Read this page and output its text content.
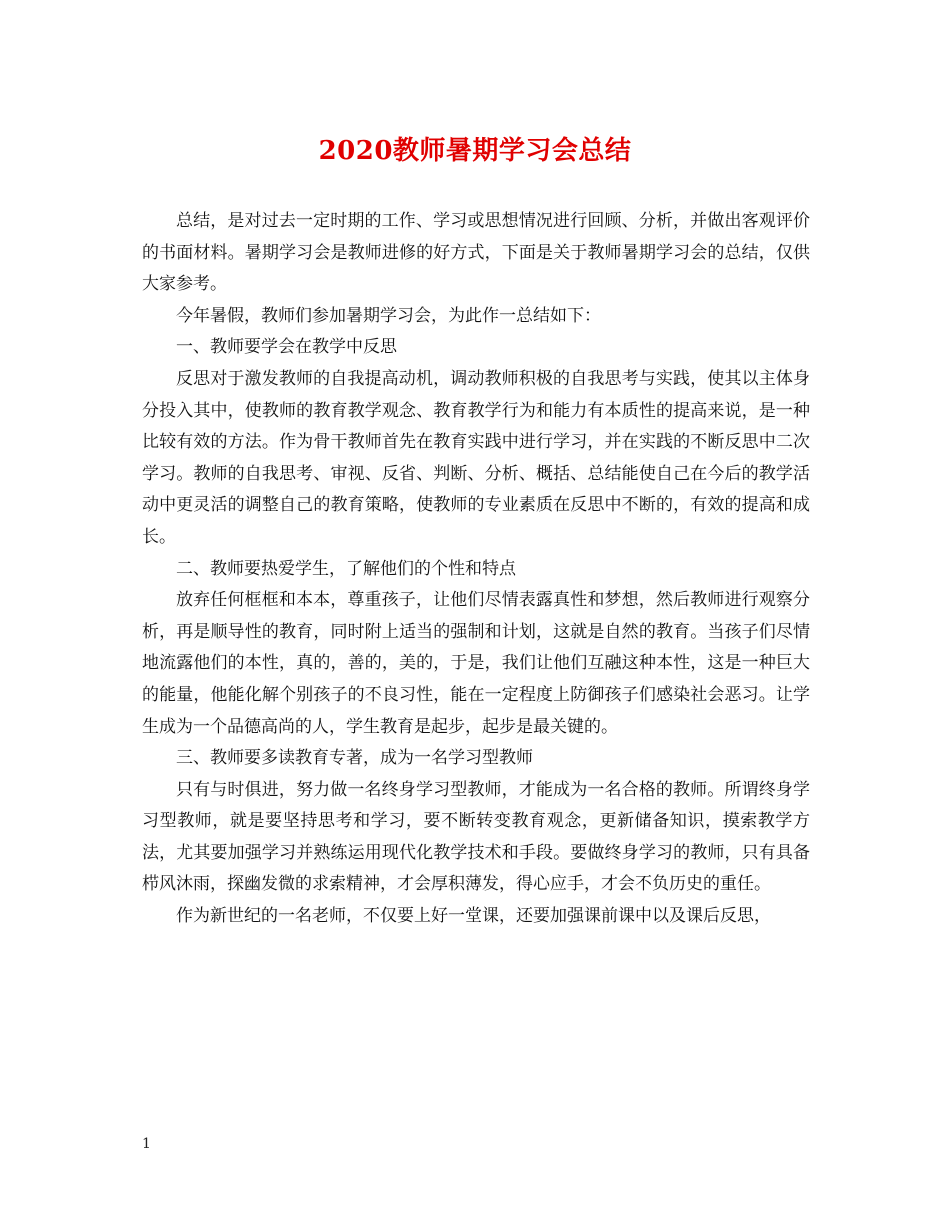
2020教师暑期学习会总结

总结，是对过去一定时期的工作、学习或思想情况进行回顾、分析，并做出客观评价的书面材料。暑期学习会是教师进修的好方式，下面是关于教师暑期学习会的总结，仅供大家参考。

今年暑假，教师们参加暑期学习会，为此作一总结如下：

一、教师要学会在教学中反思

反思对于激发教师的自我提高动机，调动教师积极的自我思考与实践，使其以主体身分投入其中，使教师的教育教学观念、教育教学行为和能力有本质性的提高来说，是一种比较有效的方法。作为骨干教师首先在教育实践中进行学习，并在实践的不断反思中二次学习。教师的自我思考、审视、反省、判断、分析、概括、总结能使自己在今后的教学活动中更灵活的调整自己的教育策略，使教师的专业素质在反思中不断的，有效的提高和成长。

二、教师要热爱学生，了解他们的个性和特点

放弃任何框框和本本，尊重孩子，让他们尽情表露真性和梦想，然后教师进行观察分析，再是顺导性的教育，同时附上适当的强制和计划，这就是自然的教育。当孩子们尽情地流露他们的本性，真的，善的，美的，于是，我们让他们互融这种本性，这是一种巨大的能量，他能化解个别孩子的不良习性，能在一定程度上防御孩子们感染社会恶习。让学生成为一个品德高尚的人，学生教育是起步，起步是最关键的。

三、教师要多读教育专著，成为一名学习型教师

只有与时俱进，努力做一名终身学习型教师，才能成为一名合格的教师。所谓终身学习型教师，就是要坚持思考和学习，要不断转变教育观念，更新储备知识，摸索教学方法，尤其要加强学习并熟练运用现代化教学技术和手段。要做终身学习的教师，只有具备栉风沐雨，探幽发微的求索精神，才会厚积薄发，得心应手，才会不负历史的重任。

作为新世纪的一名老师，不仅要上好一堂课，还要加强课前课中以及课后反思，

1
